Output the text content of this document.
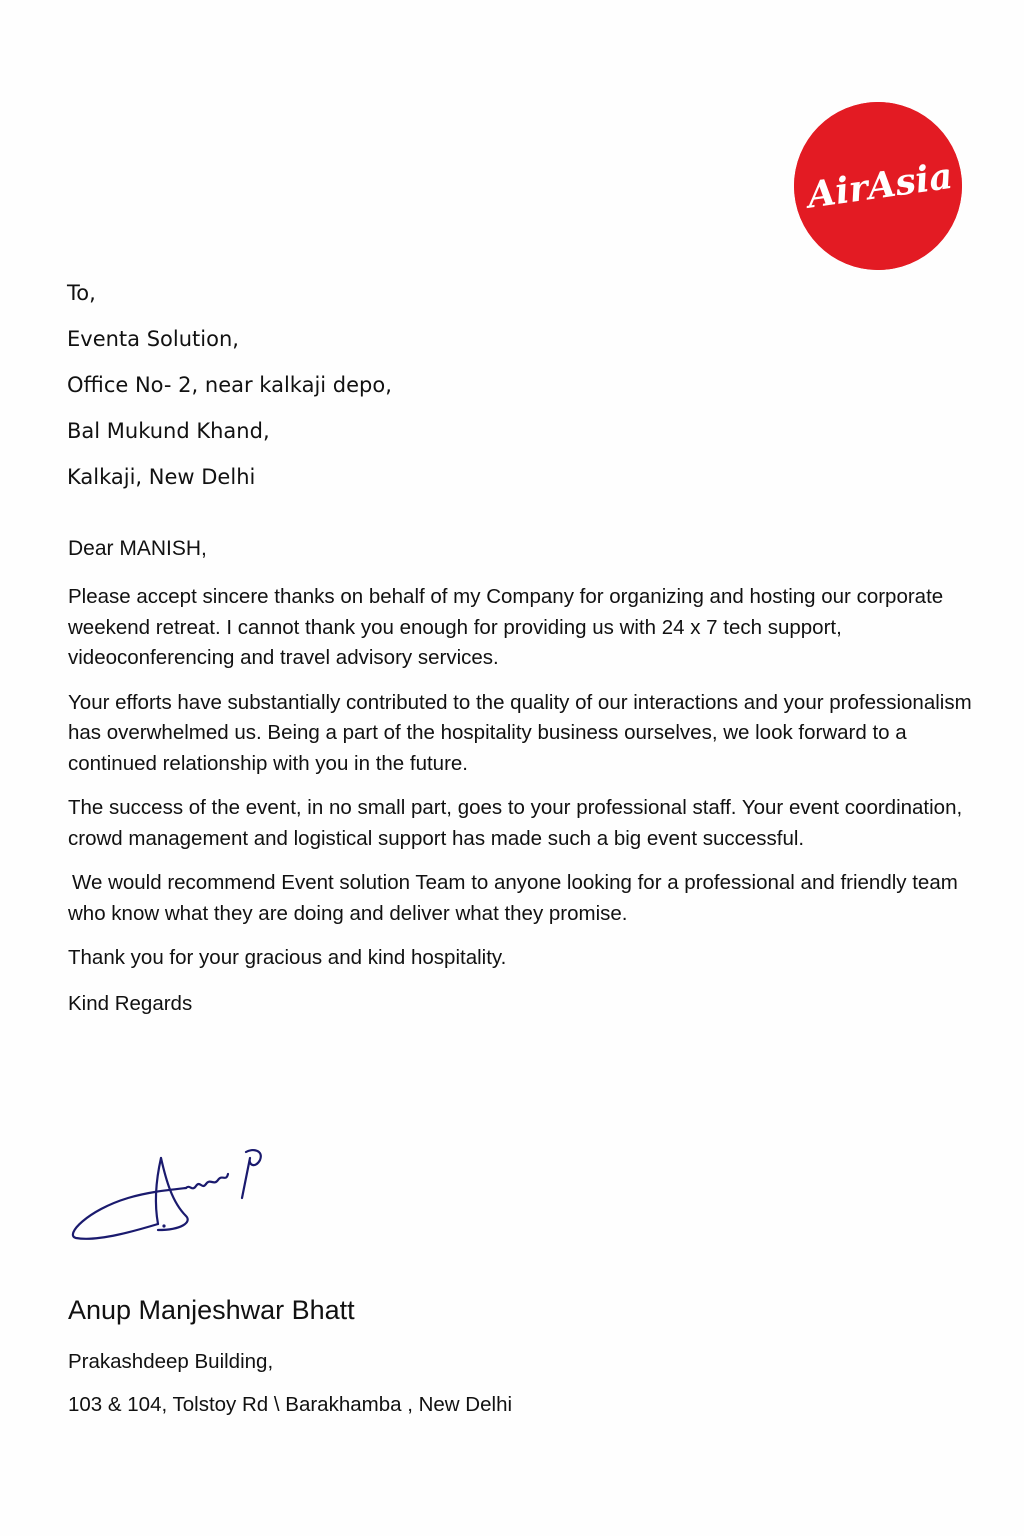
AirAsia
To,
Eventa Solution,
Office No- 2, near kalkaji depo,
Bal Mukund Khand,
Kalkaji, New Delhi

Dear MANISH,

Please accept sincere thanks on behalf of my Company for organizing and hosting our corporate weekend retreat. I cannot thank you enough for providing us with 24 x 7 tech support, videoconferencing and travel advisory services.

Your efforts have substantially contributed to the quality of our interactions and your professionalism has overwhelmed us. Being a part of the hospitality business ourselves, we look forward to a continued relationship with you in the future.

The success of the event, in no small part, goes to your professional staff. Your event coordination, crowd management and logistical support has made such a big event successful.

We would recommend Event solution Team to anyone looking for a professional and friendly team who know what they are doing and deliver what they promise.

Thank you for your gracious and kind hospitality.

Kind Regards

Anup Manjeshwar Bhatt
Prakashdeep Building,
103 & 104, Tolstoy Rd \ Barakhamba , New Delhi
